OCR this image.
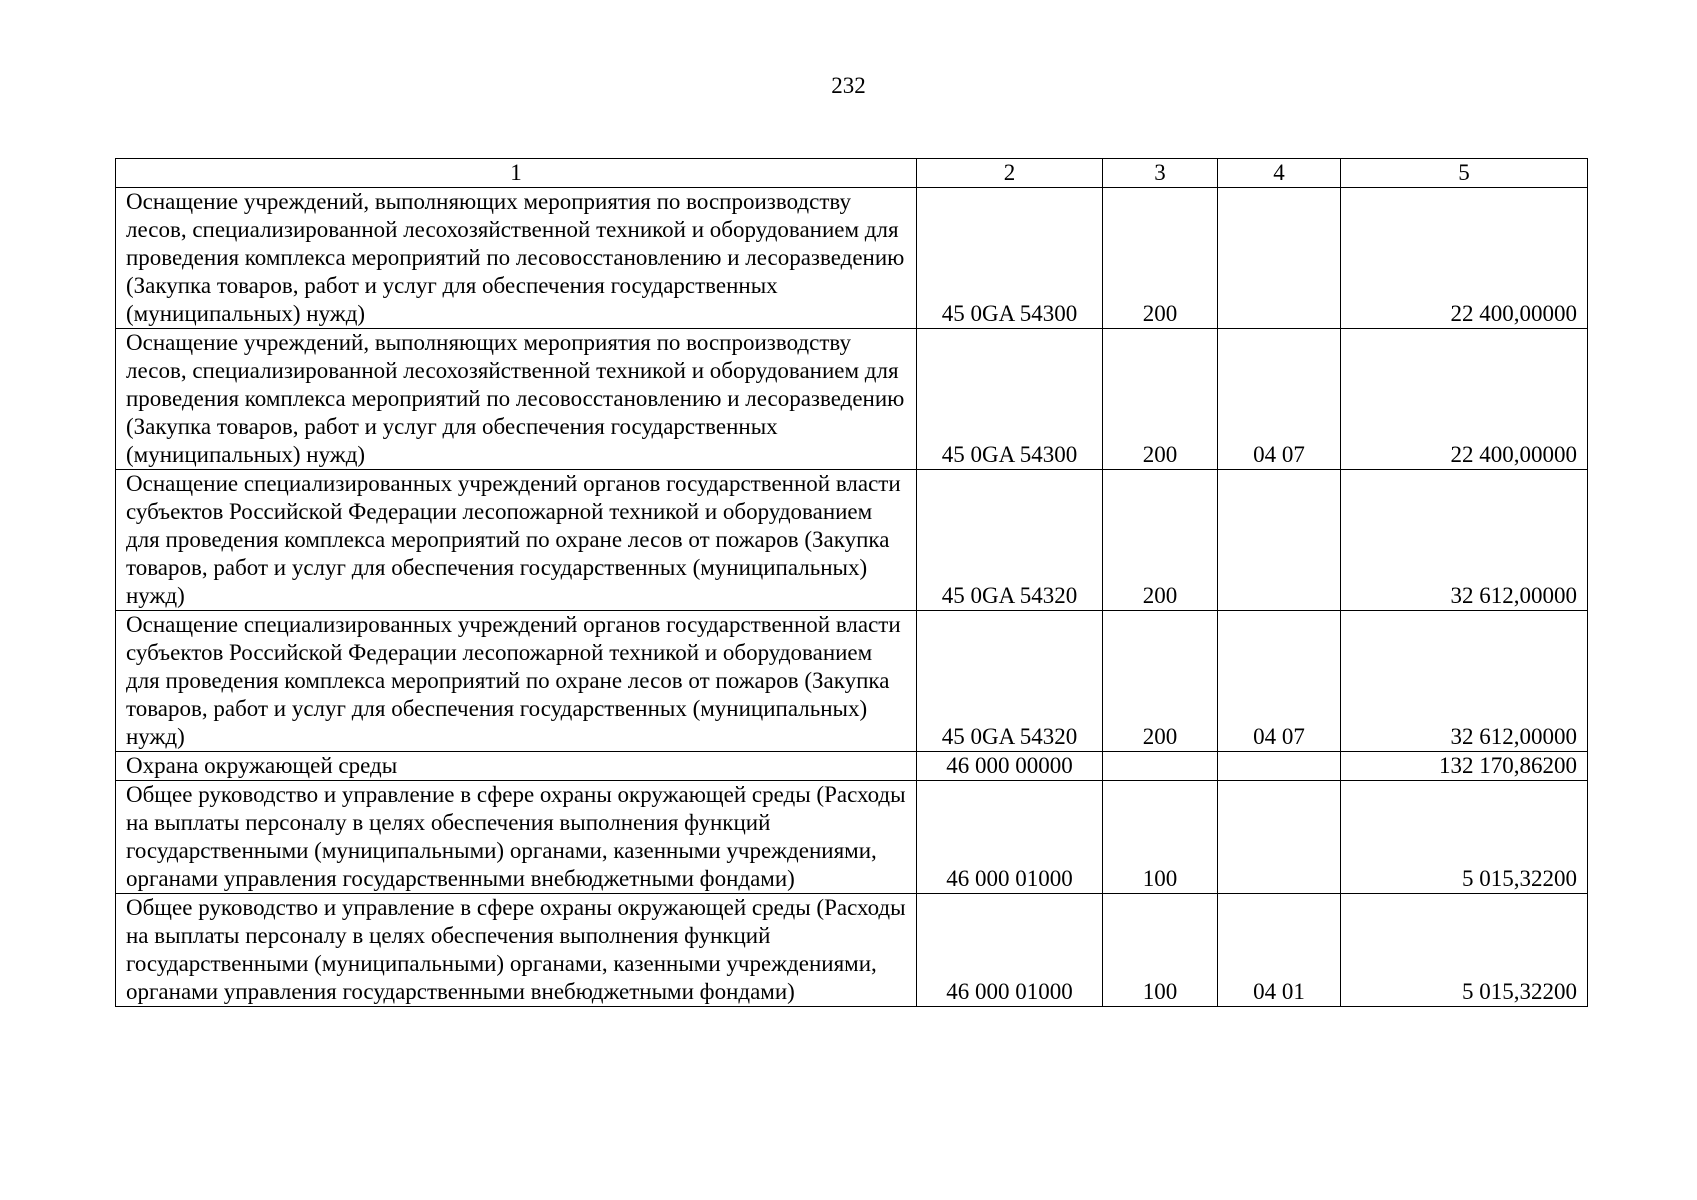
232
1	2	3	4	5
Оснащение учреждений, выполняющих мероприятия по воспроизводству лесов, специализированной лесохозяйственной техникой и оборудованием для проведения комплекса мероприятий по лесовосстановлению и лесоразведению (Закупка товаров, работ и услуг для обеспечения государственных (муниципальных) нужд)	45 0GA 54300	200		22 400,00000
Оснащение учреждений, выполняющих мероприятия по воспроизводству лесов, специализированной лесохозяйственной техникой и оборудованием для проведения комплекса мероприятий по лесовосстановлению и лесоразведению (Закупка товаров, работ и услуг для обеспечения государственных (муниципальных) нужд)	45 0GA 54300	200	04 07	22 400,00000
Оснащение специализированных учреждений органов государственной власти субъектов Российской Федерации лесопожарной техникой и оборудованием для проведения комплекса мероприятий по охране лесов от пожаров (Закупка товаров, работ и услуг для обеспечения государственных (муниципальных) нужд)	45 0GA 54320	200		32 612,00000
Оснащение специализированных учреждений органов государственной власти субъектов Российской Федерации лесопожарной техникой и оборудованием для проведения комплекса мероприятий по охране лесов от пожаров (Закупка товаров, работ и услуг для обеспечения государственных (муниципальных) нужд)	45 0GA 54320	200	04 07	32 612,00000
Охрана окружающей среды	46 000 00000			132 170,86200
Общее руководство и управление в сфере охраны окружающей среды (Расходы на выплаты персоналу в целях обеспечения выполнения функций государственными (муниципальными) органами, казенными учреждениями, органами управления государственными внебюджетными фондами)	46 000 01000	100		5 015,32200
Общее руководство и управление в сфере охраны окружающей среды (Расходы на выплаты персоналу в целях обеспечения выполнения функций государственными (муниципальными) органами, казенными учреждениями, органами управления государственными внебюджетными фондами)	46 000 01000	100	04 01	5 015,32200
